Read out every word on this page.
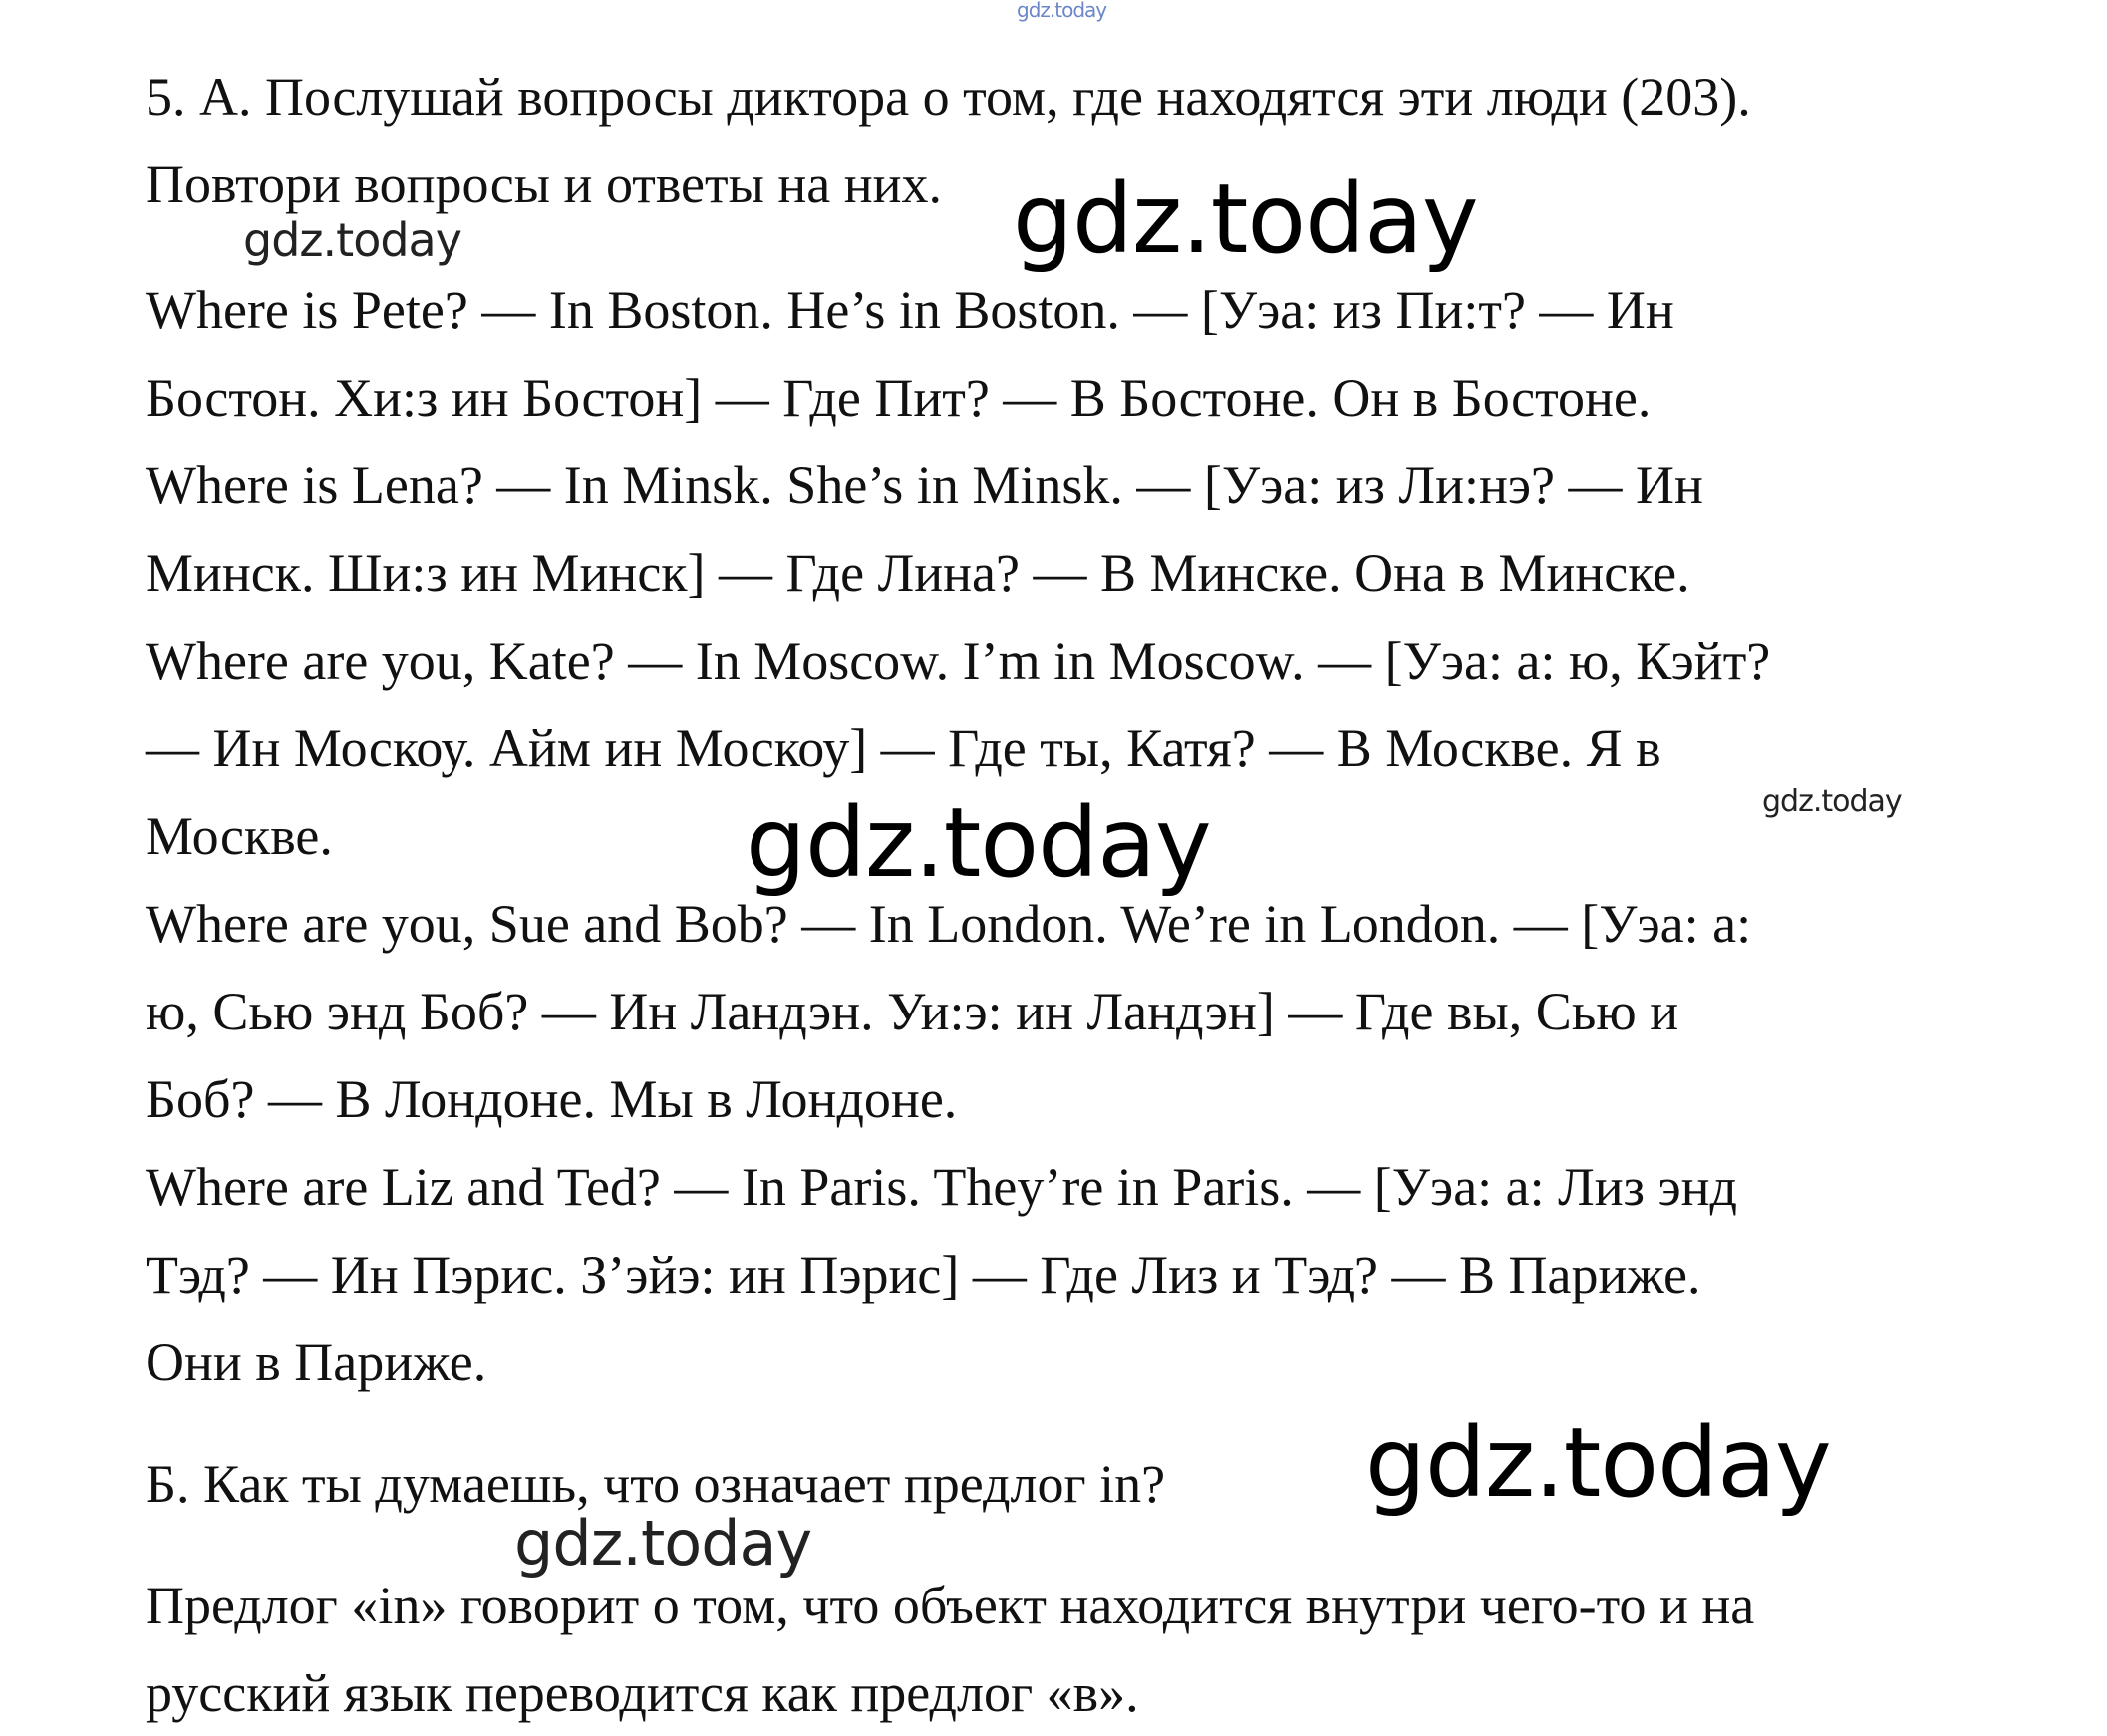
gdz.today
5. А. Послушай вопросы диктора о том, где находятся эти люди (203).
Повтори вопросы и ответы на них.
gdz.today	gdz.today
Where is Pete? — In Boston. He’s in Boston. — [Уэа: из Пи:т? — Ин
Бостон. Хи:з ин Бостон] — Где Пит? — В Бостоне. Он в Бостоне.
Where is Lena? — In Minsk. She’s in Minsk. — [Уэа: из Ли:нэ? — Ин
Минск. Ши:з ин Минск] — Где Лина? — В Минске. Она в Минске.
Where are you, Kate? — In Moscow. I’m in Moscow. — [Уэа: а: ю, Кэйт?
— Ин Москоу. Айм ин Москоу] — Где ты, Катя? — В Москве. Я в
Москве.
gdz.today
gdz.today
Where are you, Sue and Bob? — In London. We’re in London. — [Уэа: а:
ю, Сью энд Боб? — Ин Ландэн. Уи:э: ин Ландэн] — Где вы, Сью и
Боб? — В Лондоне. Мы в Лондоне.
Where are Liz and Ted? — In Paris. They’re in Paris. — [Уэа: а: Лиз энд
Тэд? — Ин Пэрис. З’эйэ: ин Пэрис] — Где Лиз и Тэд? — В Париже.
Они в Париже.
Б. Как ты думаешь, что означает предлог in? gdz.today
gdz.today
Предлог «in» говорит о том, что объект находится внутри чего-то и на
русский язык переводится как предлог «в».
